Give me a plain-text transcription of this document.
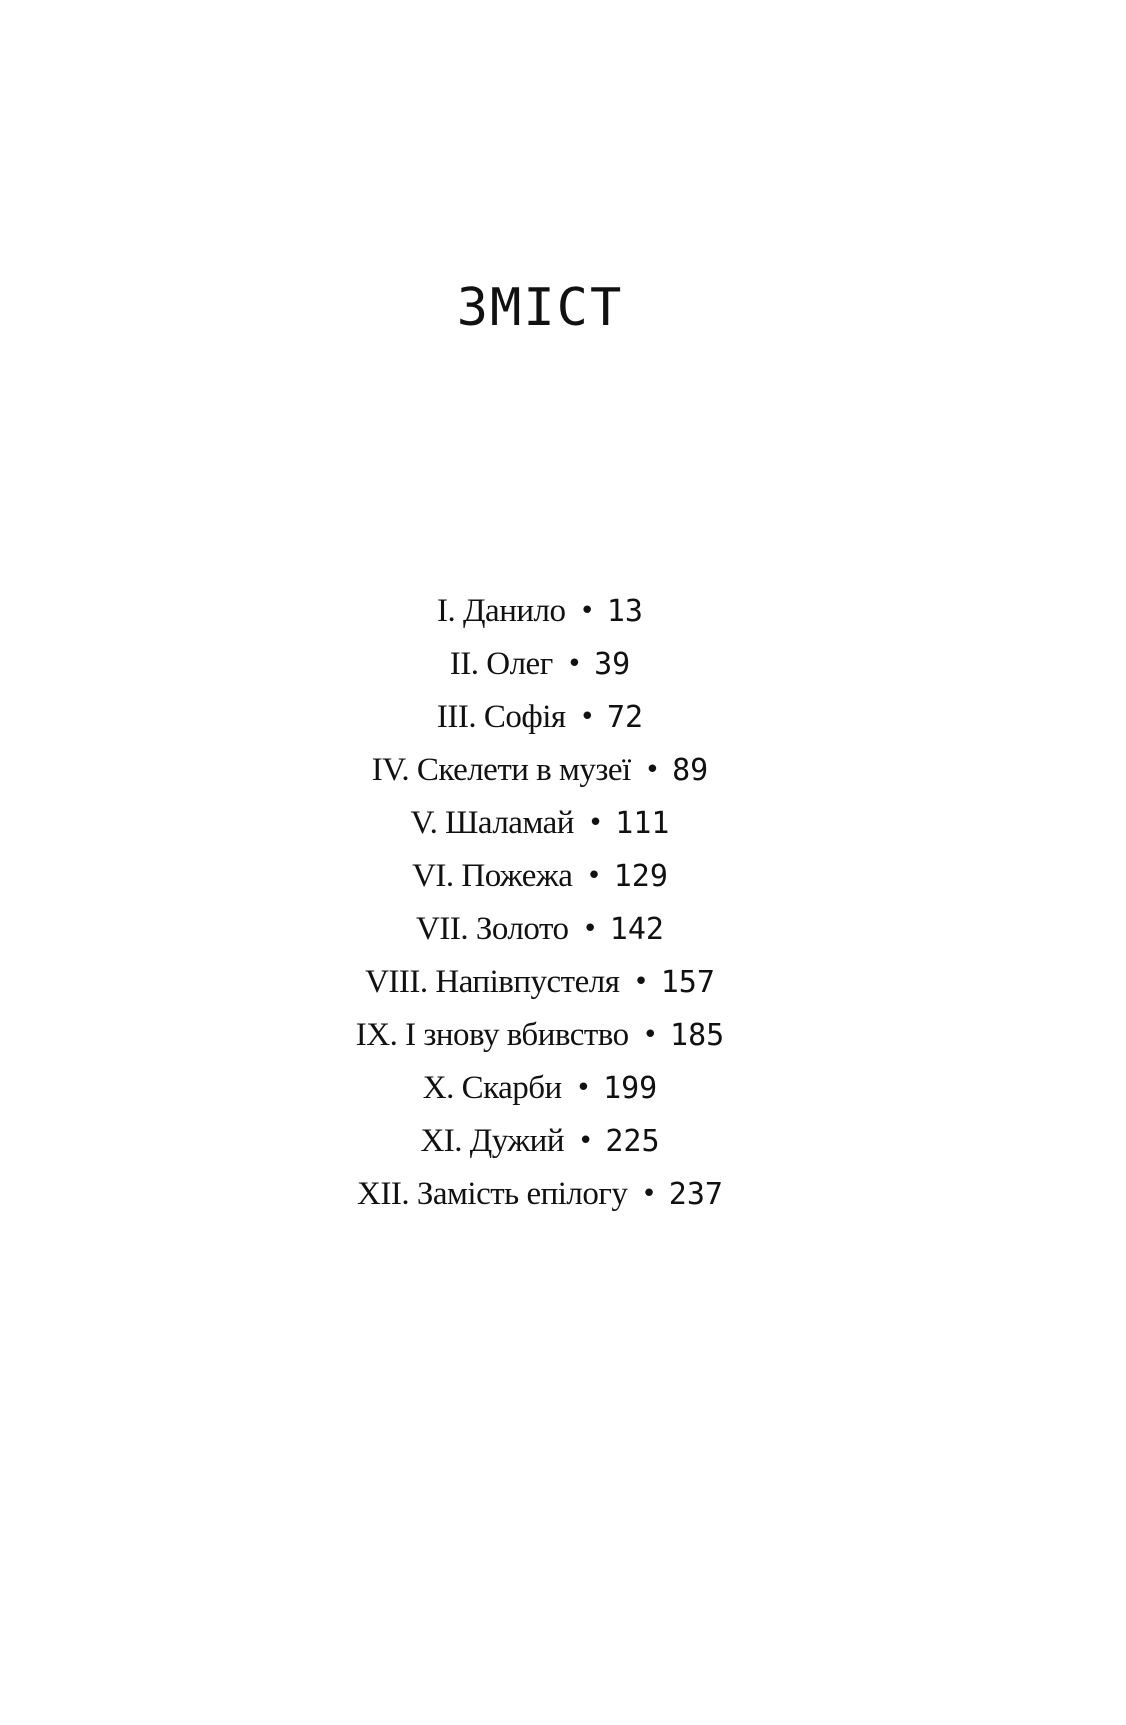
ЗМІСТ
I. Данило • 13
II. Олег • 39
III. Софія • 72
IV. Скелети в музеї • 89
V. Шаламай • 111
VI. Пожежа • 129
VII. Золото • 142
VIII. Напівпустеля • 157
IX. І знову вбивство • 185
X. Скарби • 199
XI. Дужий • 225
XII. Замість епілогу • 237
